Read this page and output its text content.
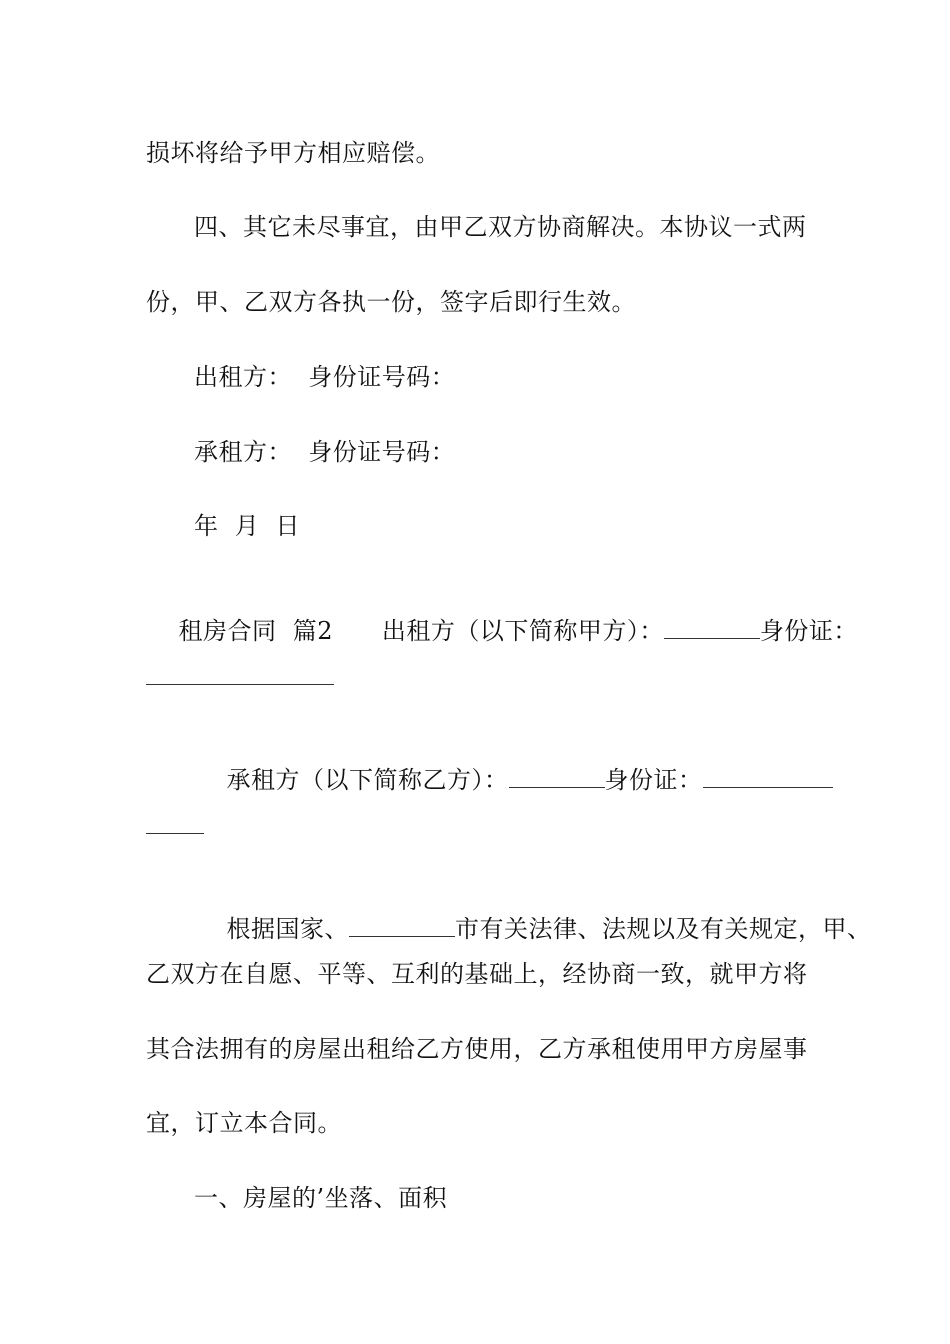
损坏将给予甲方相应赔偿。
四、其它未尽事宜，由甲乙双方协商解决。本协议一式两
份，甲、乙双方各执一份，签字后即行生效。
出租方：  身份证号码：
承租方：  身份证号码：
年  月  日

租房合同  篇2      出租方（以下简称甲方）：	身份证：

承租方（以下简称乙方）：	身份证：

根据国家、	市有关法律、法规以及有关规定，甲、

乙双方在自愿、平等、互利的基础上，经协商一致，就甲方将
其合法拥有的房屋出租给乙方使用，乙方承租使用甲方房屋事
宜，订立本合同。
一、房屋的’坐落、面积
